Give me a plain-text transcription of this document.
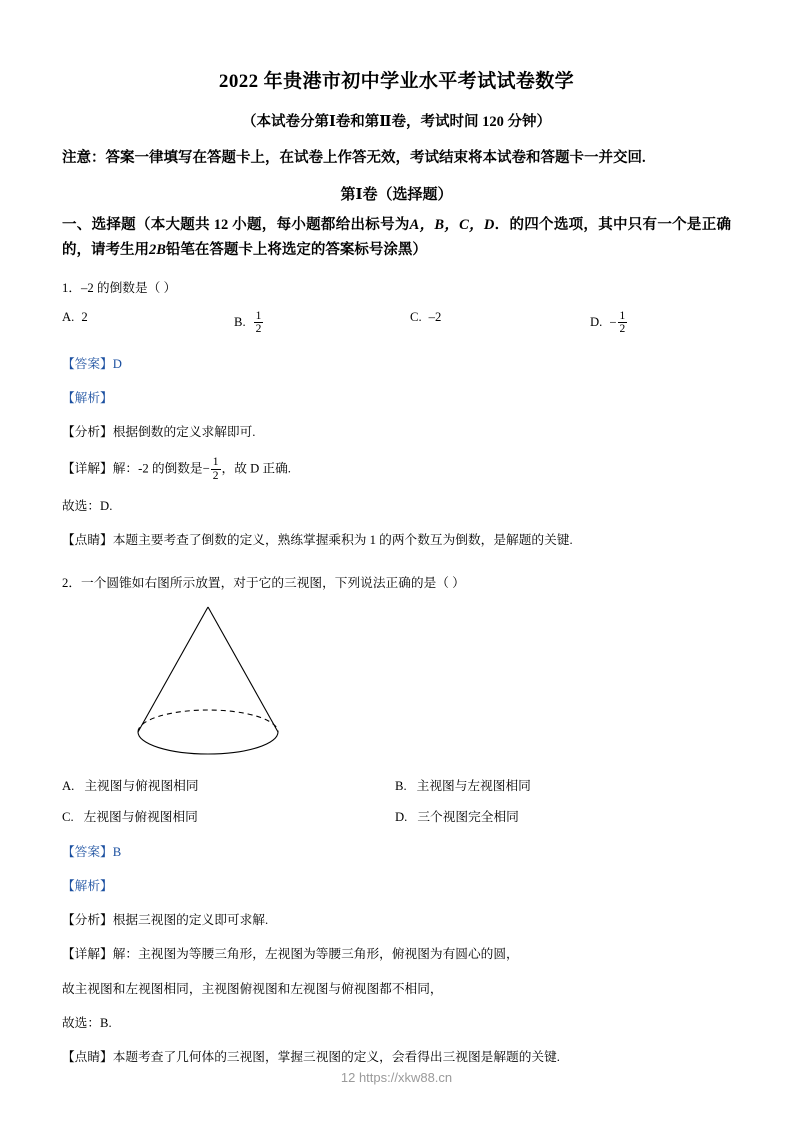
2022 年贵港市初中学业水平考试试卷数学
（本试卷分第Ⅰ卷和第Ⅱ卷，考试时间 120 分钟）
注意：答案一律填写在答题卡上，在试卷上作答无效，考试结束将本试卷和答题卡一并交回.
第Ⅰ卷（选择题）
一、选择题（本大题共 12 小题，每小题都给出标号为A，B，C，D．的四个选项，其中只有一个是正确的，请考生用2B铅笔在答题卡上将选定的答案标号涂黑）
1．–2 的倒数是（ ）
A. 2	B. $\frac{1}{2}$	C. –2	D. − $\frac{1}{2}$
【答案】D
【解析】
【分析】根据倒数的定义求解即可.
【详解】解：-2 的倒数是− $\frac{1}{2}$ ，故 D 正确.
故选：D.
【点睛】本题主要考查了倒数的定义，熟练掌握乘积为 1 的两个数互为倒数，是解题的关键.
2．一个圆锥如右图所示放置，对于它的三视图，下列说法正确的是（ ）
A. 主视图与俯视图相同	B. 主视图与左视图相同
C. 左视图与俯视图相同	D. 三个视图完全相同
【答案】B
【解析】
【分析】根据三视图的定义即可求解.
【详解】解：主视图为等腰三角形，左视图为等腰三角形，俯视图为有圆心的圆，
故主视图和左视图相同，主视图俯视图和左视图与俯视图都不相同，
故选：B.
【点睛】本题考查了几何体的三视图，掌握三视图的定义，会看得出三视图是解题的关键.
12 https://xkw88.cn
